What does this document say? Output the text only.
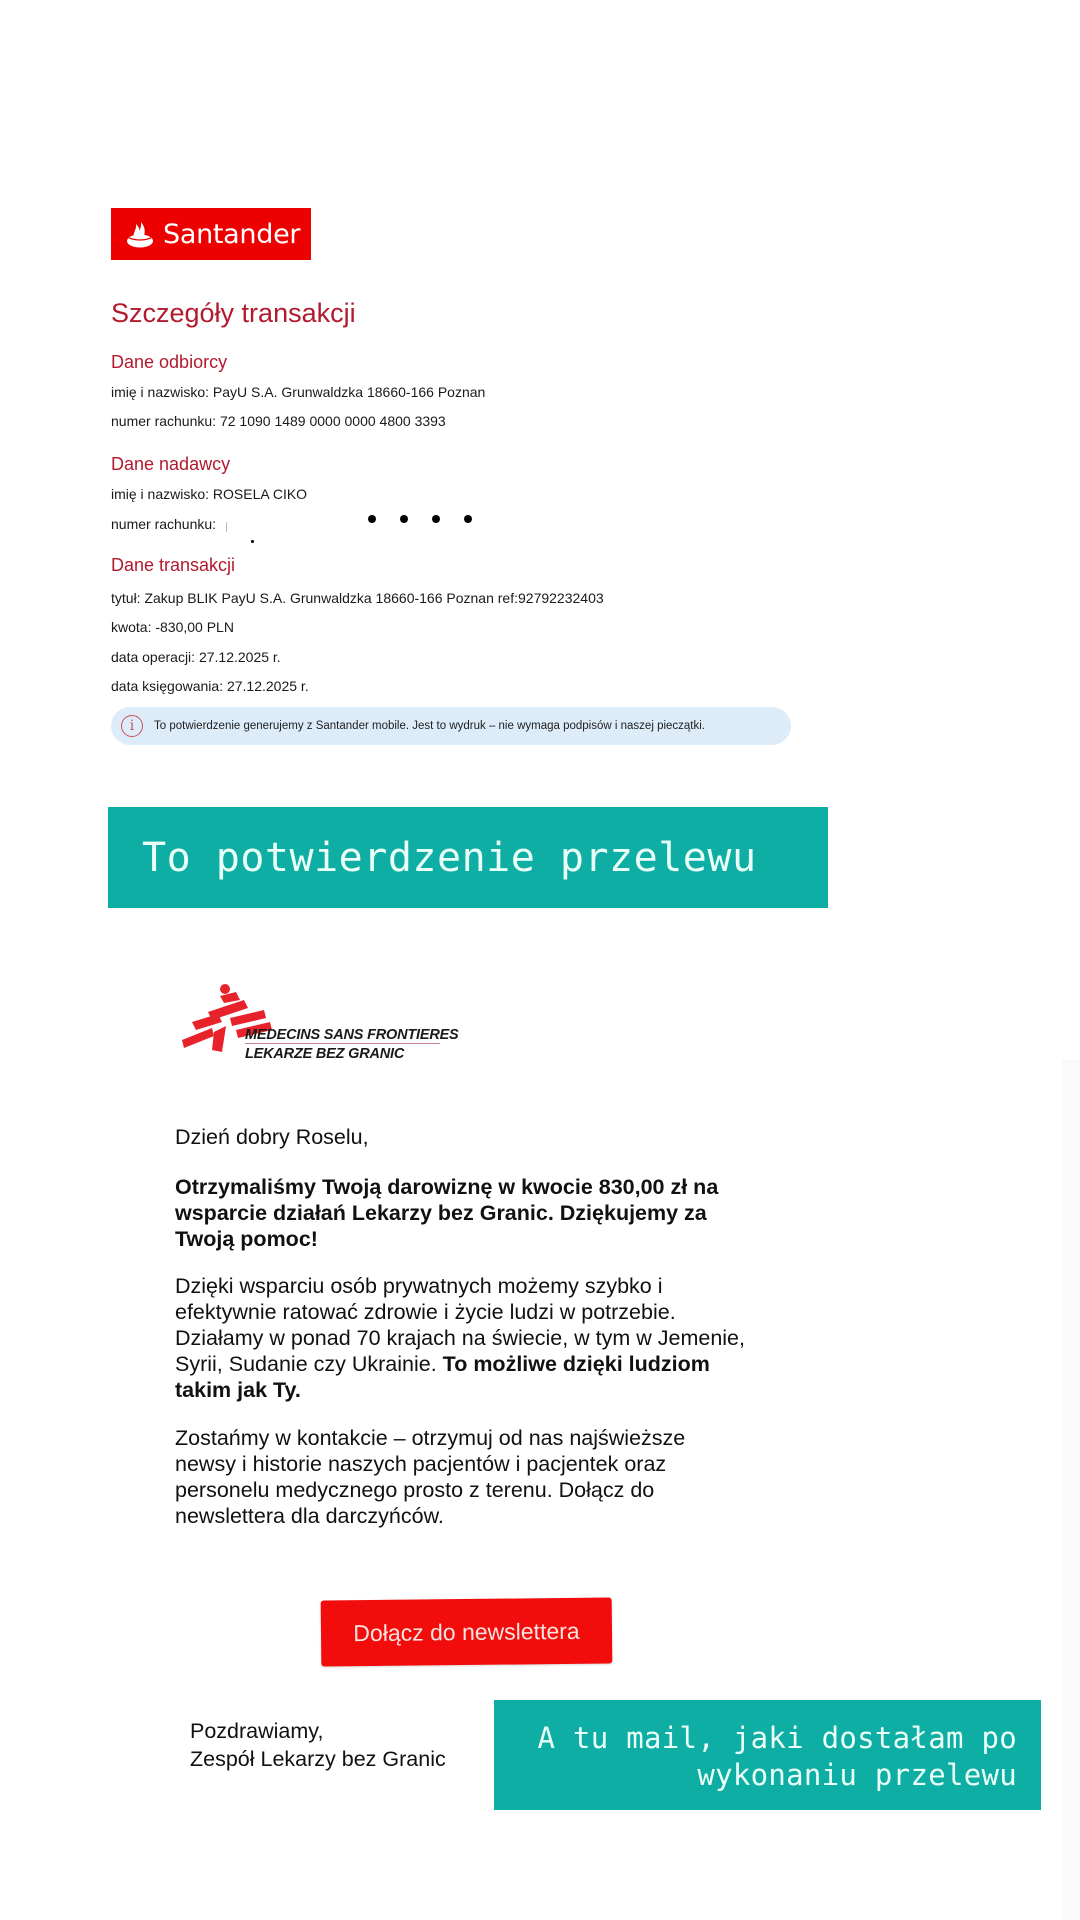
Santander
Szczegóły transakcji
Dane odbiorcy
imię i nazwisko: PayU S.A. Grunwaldzka 18660-166 Poznan
numer rachunku: 72 1090 1489 0000 0000 4800 3393
Dane nadawcy
imię i nazwisko: ROSELA CIKO
numer rachunku:
Dane transakcji
tytuł: Zakup BLIK PayU S.A. Grunwaldzka 18660-166 Poznan ref:92792232403
kwota: -830,00 PLN
data operacji: 27.12.2025 r.
data księgowania: 27.12.2025 r.
i	To potwierdzenie generujemy z Santander mobile. Jest to wydruk – nie wymaga podpisów i naszej pieczątki.
To potwierdzenie przelewu
MEDECINS SANS FRONTIERES
LEKARZE BEZ GRANIC
Dzień dobry Roselu,
Otrzymaliśmy Twoją darowiznę w kwocie 830,00 zł na wsparcie działań Lekarzy bez Granic. Dziękujemy za Twoją pomoc!
Dzięki wsparciu osób prywatnych możemy szybko i efektywnie ratować zdrowie i życie ludzi w potrzebie. Działamy w ponad 70 krajach na świecie, w tym w Jemenie, Syrii, Sudanie czy Ukrainie. To możliwe dzięki ludziom takim jak Ty.
Zostańmy w kontakcie – otrzymuj od nas najświeższe newsy i historie naszych pacjentów i pacjentek oraz personelu medycznego prosto z terenu. Dołącz do newslettera dla darczyńców.
Dołącz do newslettera
Pozdrawiamy,
Zespół Lekarzy bez Granic
A tu mail, jaki dostałam po
wykonaniu przelewu
